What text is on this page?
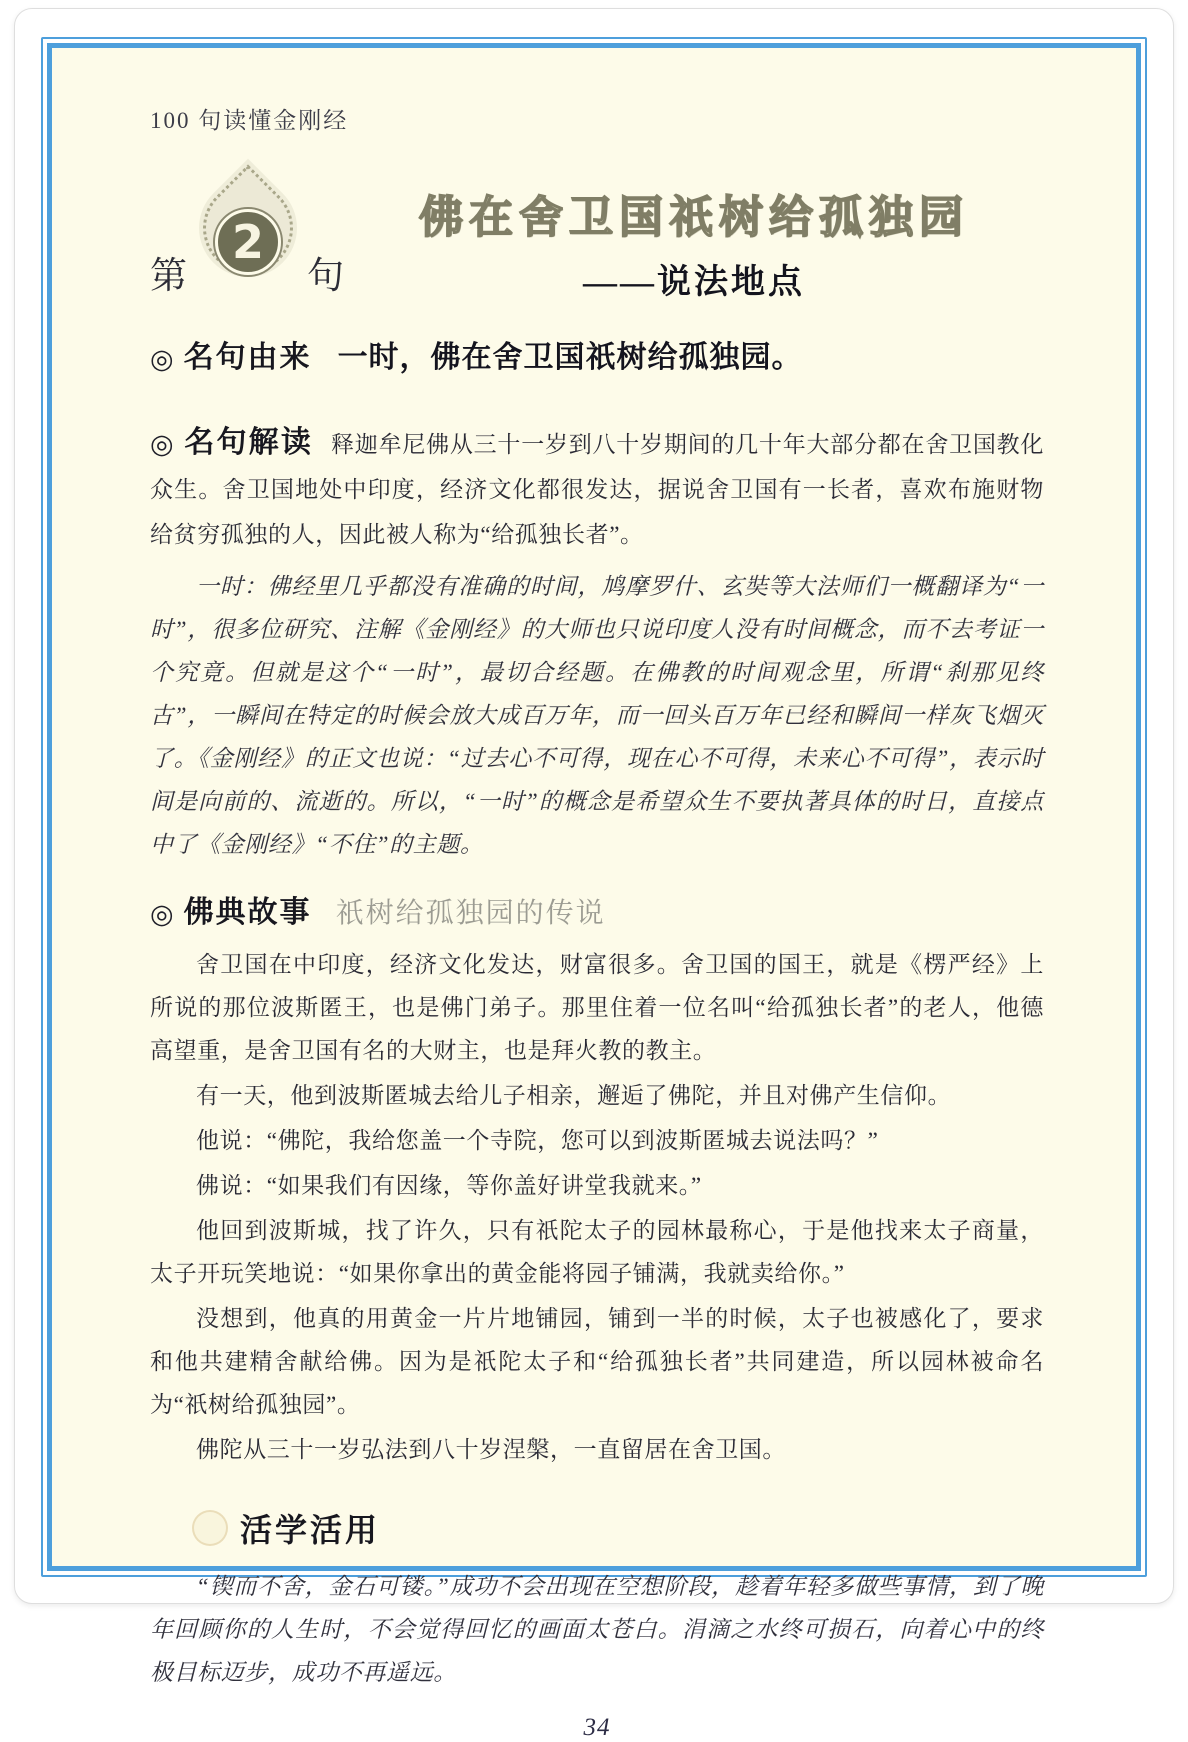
100 句读懂金刚经
第
2
句
佛在舍卫国祇树给孤独园
——说法地点
◎ 名句由来 一时，佛在舍卫国祇树给孤独园。

◎ 名句解读 释迦牟尼佛从三十一岁到八十岁期间的几十年大部分都在舍卫国教化众生。舍卫国地处中印度，经济文化都很发达，据说舍卫国有一长者，喜欢布施财物给贫穷孤独的人，因此被人称为“给孤独长者”。

一时：佛经里几乎都没有准确的时间，鸠摩罗什、玄奘等大法师们一概翻译为“一时”，很多位研究、注解《金刚经》的大师也只说印度人没有时间概念，而不去考证一个究竟。但就是这个“一时”，最切合经题。在佛教的时间观念里，所谓“刹那见终古”，一瞬间在特定的时候会放大成百万年，而一回头百万年已经和瞬间一样灰飞烟灭了。《金刚经》的正文也说：“过去心不可得，现在心不可得，未来心不可得”，表示时间是向前的、流逝的。所以，“一时”的概念是希望众生不要执著具体的时日，直接点中了《金刚经》“不住”的主题。

◎ 佛典故事 祇树给孤独园的传说

舍卫国在中印度，经济文化发达，财富很多。舍卫国的国王，就是《楞严经》上所说的那位波斯匿王，也是佛门弟子。那里住着一位名叫“给孤独长者”的老人，他德高望重，是舍卫国有名的大财主，也是拜火教的教主。

有一天，他到波斯匿城去给儿子相亲，邂逅了佛陀，并且对佛产生信仰。

他说：“佛陀，我给您盖一个寺院，您可以到波斯匿城去说法吗？”

佛说：“如果我们有因缘，等你盖好讲堂我就来。”

他回到波斯城，找了许久，只有祇陀太子的园林最称心，于是他找来太子商量，太子开玩笑地说：“如果你拿出的黄金能将园子铺满，我就卖给你。”

没想到，他真的用黄金一片片地铺园，铺到一半的时候，太子也被感化了，要求和他共建精舍献给佛。因为是祇陀太子和“给孤独长者”共同建造，所以园林被命名为“祇树给孤独园”。

佛陀从三十一岁弘法到八十岁涅槃，一直留居在舍卫国。

活学活用

“锲而不舍，金石可镂。”成功不会出现在空想阶段，趁着年轻多做些事情，到了晚年回顾你的人生时，不会觉得回忆的画面太苍白。涓滴之水终可损石，向着心中的终极目标迈步，成功不再遥远。

34
